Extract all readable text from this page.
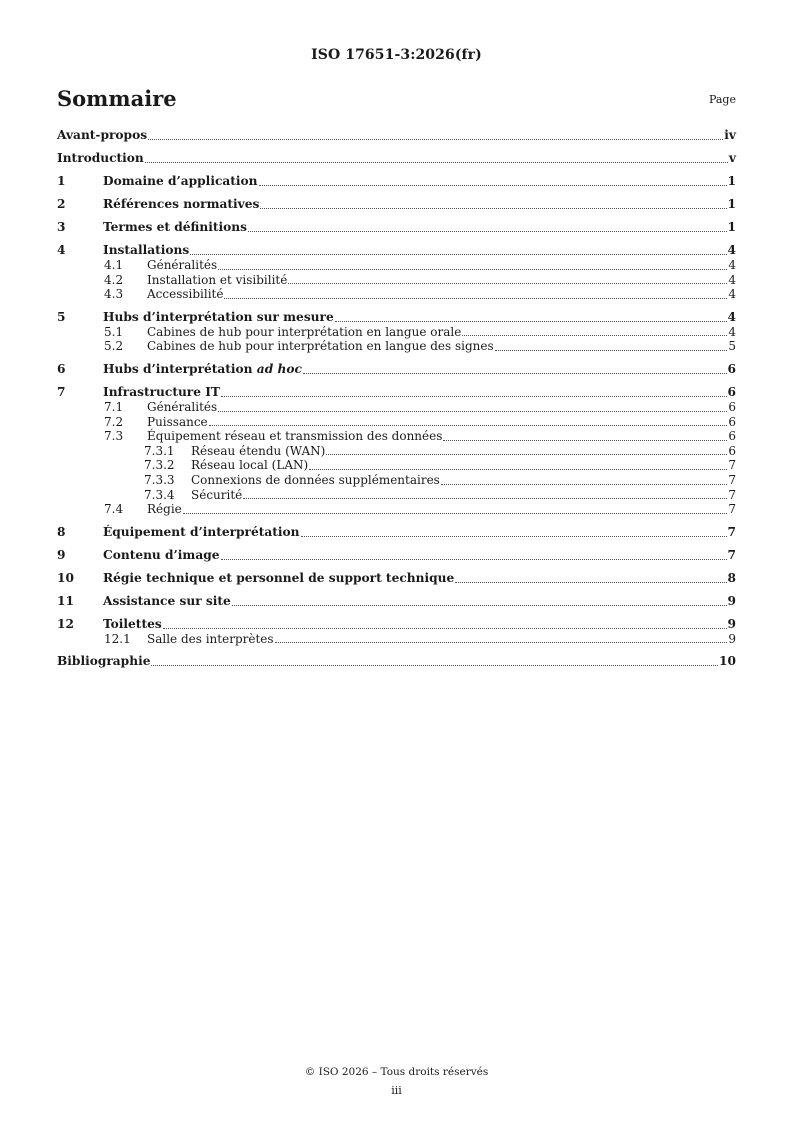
ISO 17651-3:2026(fr)
Sommaire	Page
Avant-propos	iv
Introduction	v
1	Domaine d’application	1
2	Références normatives	1
3	Termes et définitions	1
4	Installations	4
4.1	Généralités	4
4.2	Installation et visibilité	4
4.3	Accessibilité	4
5	Hubs d’interprétation sur mesure	4
5.1	Cabines de hub pour interprétation en langue orale	4
5.2	Cabines de hub pour interprétation en langue des signes	5
6	Hubs d’interprétation ad hoc	6
7	Infrastructure IT	6
7.1	Généralités	6
7.2	Puissance	6
7.3	Équipement réseau et transmission des données	6
7.3.1	Réseau étendu (WAN)	6
7.3.2	Réseau local (LAN)	7
7.3.3	Connexions de données supplémentaires	7
7.3.4	Sécurité	7
7.4	Régie	7
8	Équipement d’interprétation	7
9	Contenu d’image	7
10	Régie technique et personnel de support technique	8
11	Assistance sur site	9
12	Toilettes	9
12.1	Salle des interprètes	9
Bibliographie	10
© ISO 2026 – Tous droits réservés
iii
